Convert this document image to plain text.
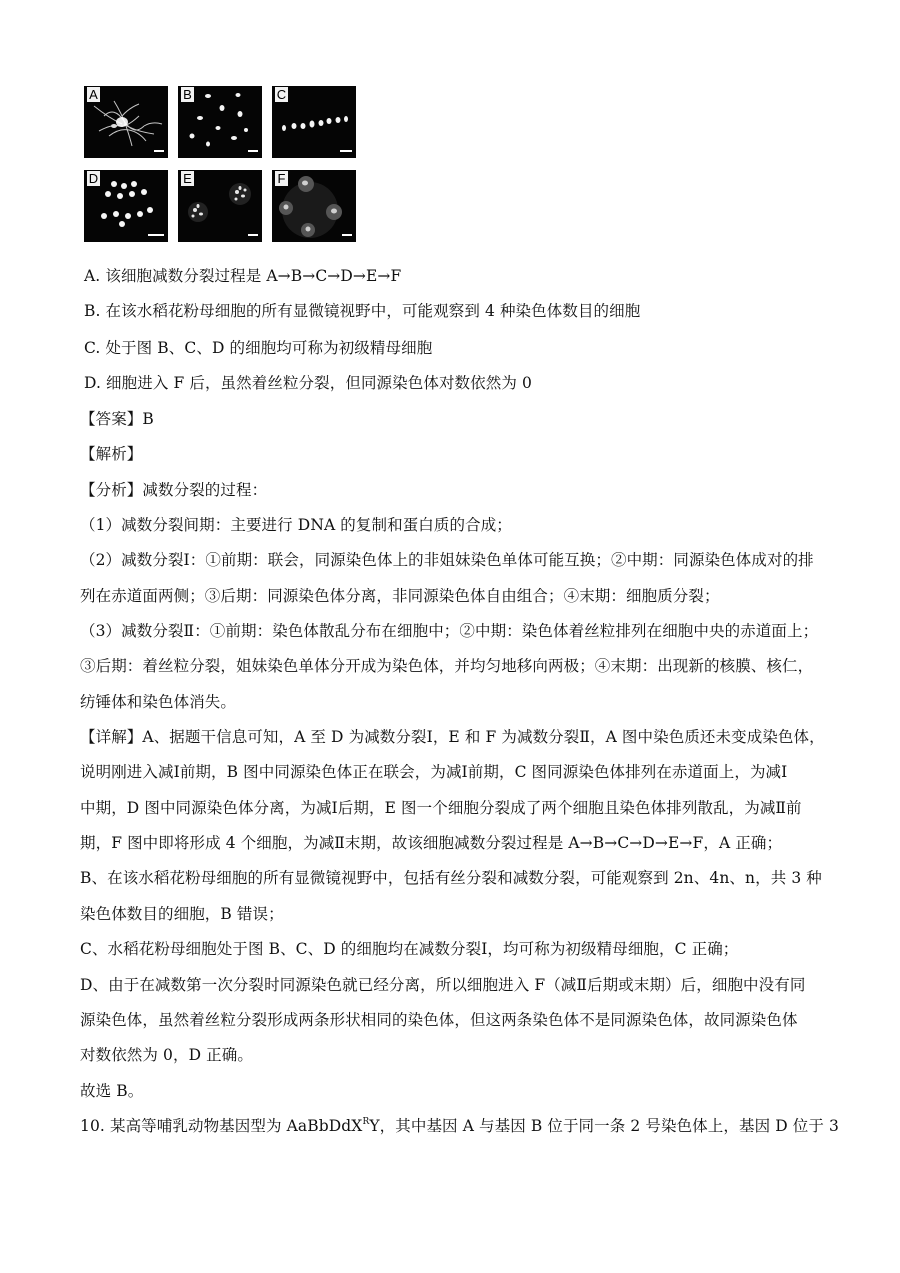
A	B	C
D	E	F
A. 该细胞减数分裂过程是 A→B→C→D→E→F
B. 在该水稻花粉母细胞的所有显微镜视野中，可能观察到 4 种染色体数目的细胞
C. 处于图 B、C、D 的细胞均可称为初级精母细胞
D. 细胞进入 F 后，虽然着丝粒分裂，但同源染色体对数依然为 0
【答案】B
【解析】
【分析】减数分裂的过程：
（1）减数分裂间期：主要进行 DNA 的复制和蛋白质的合成；
（2）减数分裂Ⅰ：①前期：联会，同源染色体上的非姐妹染色单体可能互换；②中期：同源染色体成对的排
列在赤道面两侧；③后期：同源染色体分离，非同源染色体自由组合；④末期：细胞质分裂；
（3）减数分裂Ⅱ：①前期：染色体散乱分布在细胞中；②中期：染色体着丝粒排列在细胞中央的赤道面上；
③后期：着丝粒分裂，姐妹染色单体分开成为染色体，并均匀地移向两极；④末期：出现新的核膜、核仁，
纺锤体和染色体消失。
【详解】A、据题干信息可知，A 至 D 为减数分裂Ⅰ，E 和 F 为减数分裂Ⅱ，A 图中染色质还未变成染色体，
说明刚进入减Ⅰ前期，B 图中同源染色体正在联会，为减Ⅰ前期，C 图同源染色体排列在赤道面上，为减Ⅰ
中期，D 图中同源染色体分离，为减Ⅰ后期，E 图一个细胞分裂成了两个细胞且染色体排列散乱，为减Ⅱ前
期，F 图中即将形成 4 个细胞，为减Ⅱ末期，故该细胞减数分裂过程是 A→B→C→D→E→F，A 正确；
B、在该水稻花粉母细胞的所有显微镜视野中，包括有丝分裂和减数分裂，可能观察到 2n、4n、n，共 3 种
染色体数目的细胞，B 错误；
C、水稻花粉母细胞处于图 B、C、D 的细胞均在减数分裂Ⅰ，均可称为初级精母细胞，C 正确；
D、由于在减数第一次分裂时同源染色就已经分离，所以细胞进入 F（减Ⅱ后期或末期）后，细胞中没有同
源染色体，虽然着丝粒分裂形成两条形状相同的染色体，但这两条染色体不是同源染色体，故同源染色体
对数依然为 0，D 正确。
故选 B。
10. 某高等哺乳动物基因型为 AaBbDdX$^R$Y，其中基因 A 与基因 B 位于同一条 2 号染色体上，基因 D 位于 3
